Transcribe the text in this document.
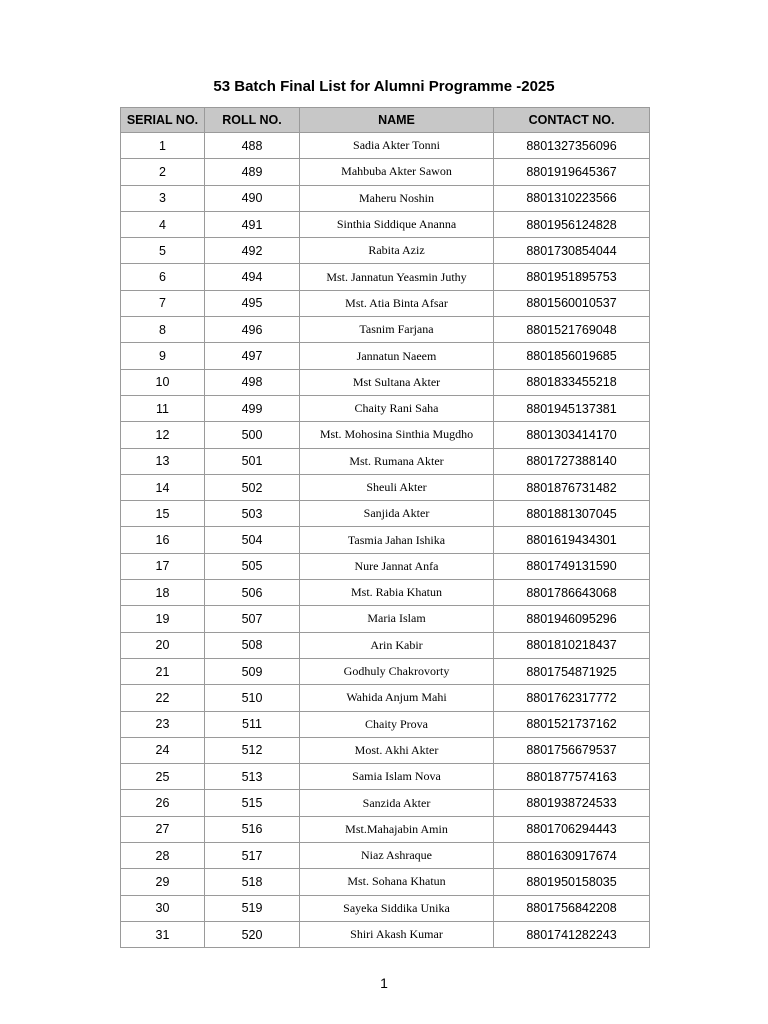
53 Batch Final List for Alumni Programme -2025
SERIAL NO.	ROLL NO.	NAME	CONTACT NO.
1	488	Sadia Akter Tonni	8801327356096
2	489	Mahbuba Akter Sawon	8801919645367
3	490	Maheru Noshin	8801310223566
4	491	Sinthia Siddique Ananna	8801956124828
5	492	Rabita Aziz	8801730854044
6	494	Mst. Jannatun Yeasmin Juthy	8801951895753
7	495	Mst. Atia Binta Afsar	8801560010537
8	496	Tasnim Farjana	8801521769048
9	497	Jannatun Naeem	8801856019685
10	498	Mst Sultana Akter	8801833455218
11	499	Chaity Rani Saha	8801945137381
12	500	Mst. Mohosina Sinthia Mugdho	8801303414170
13	501	Mst. Rumana Akter	8801727388140
14	502	Sheuli Akter	8801876731482
15	503	Sanjida Akter	8801881307045
16	504	Tasmia Jahan Ishika	8801619434301
17	505	Nure Jannat Anfa	8801749131590
18	506	Mst. Rabia Khatun	8801786643068
19	507	Maria Islam	8801946095296
20	508	Arin Kabir	8801810218437
21	509	Godhuly Chakrovorty	8801754871925
22	510	Wahida Anjum Mahi	8801762317772
23	511	Chaity Prova	8801521737162
24	512	Most. Akhi Akter	8801756679537
25	513	Samia Islam Nova	8801877574163
26	515	Sanzida Akter	8801938724533
27	516	Mst.Mahajabin Amin	8801706294443
28	517	Niaz Ashraque	8801630917674
29	518	Mst. Sohana Khatun	8801950158035
30	519	Sayeka Siddika Unika	8801756842208
31	520	Shiri Akash Kumar	8801741282243
1
